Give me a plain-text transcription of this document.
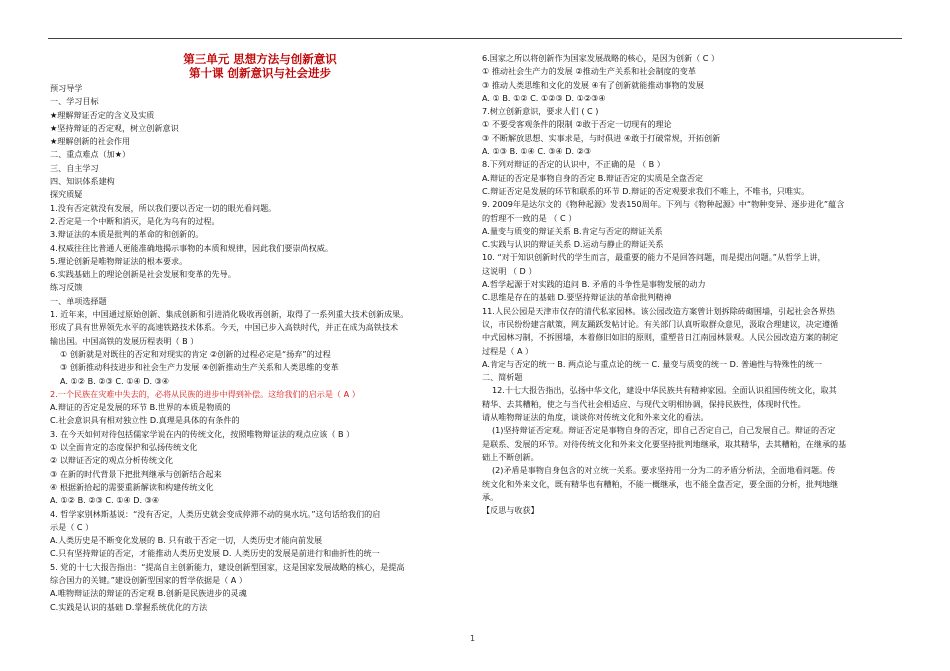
第三单元 思想方法与创新意识

第十课 创新意识与社会进步

预习导学

一、学习目标

★理解辩证否定的含义及实质

★坚持辩证的否定观，树立创新意识

★理解创新的社会作用

二、重点难点（加★）

三、自主学习

四、知识体系建构

探究质疑

1.没有否定就没有发展，所以我们要以否定一切的眼光看问题。

2.否定是一个中断和消灭，是化为乌有的过程。

3.辩证法的本质是批判的革命的和创新的。

4.权威往往比普通人更能准确地揭示事物的本质和规律，因此我们要崇尚权威。

5.理论创新是唯物辩证法的根本要求。

6.实践基础上的理论创新是社会发展和变革的先导。

练习反馈

一、单项选择题

1. 近年来，中国通过原始创新、集成创新和引进消化吸收再创新，取得了一系列重大技术创新成果。

形成了具有世界领先水平的高速铁路技术体系。今天，中国已步入高铁时代，并正在成为高铁技术

输出国。中国高铁的发展历程表明（ B ）

① 创新就是对既往的否定和对现实的肯定 ②创新的过程必定是“扬弃”的过程

③ 创新推动科技进步和社会生产力发展 ④创新推动生产关系和人类思维的变革

A. ①② B. ②③ C. ①④ D. ③④

2.一个民族在灾难中失去的，必将从民族的进步中得到补偿。这给我们的启示是（ A ）

A.辩证的否定是发展的环节 B.世界的本质是物质的

C.社会意识具有相对独立性 D.真理是具体的有条件的

3. 在今天如何对待包括儒家学说在内的传统文化，按照唯物辩证法的观点应该（ B ）

① 以全面肯定的态度保护和弘扬传统文化

② 以辩证否定的观点分析传统文化

③ 在新的时代背景下把批判继承与创新结合起来

④ 根据新拾起的需要重新解读和构建传统文化

A. ①② B. ②③ C. ①④ D. ③④

4. 哲学家别林斯基说：“没有否定，人类历史就会变成停滞不动的臭水坑。”这句话给我们的启

示是（ C ）

A.人类历史是不断变化发展的 B. 只有敢于否定一切，人类历史才能向前发展

C.只有坚持辩证的否定，才能推动人类历史发展 D. 人类历史的发展是前进行和曲折性的统一

5. 党的十七大报告指出：“提高自主创新能力，建设创新型国家，这是国家发展战略的核心，是提高

综合国力的关键。”建设创新型国家的哲学依据是（ A ）

A.唯物辩证法的辩证的否定观 B.创新是民族进步的灵魂

C.实践是认识的基础 D.掌握系统优化的方法

6.国家之所以将创新作为国家发展战略的核心，是因为创新（ C ）

① 推动社会生产力的发展 ②推动生产关系和社会制度的变革

③ 推动人类思维和文化的发展 ④有了创新就能推动事物的发展

A. ① B. ①② C. ①②③ D. ①②③④

7.树立创新意识，要求人们 ( C )

① 不要受客观条件的限制 ②敢于否定一切现有的理论

③ 不断解放思想、实事求是，与时俱进 ④敢于打破常规，开拓创新

A. ①③ B. ①④ C. ③④ D. ②③

8.下列对辩证的否定的认识中，不正确的是 （ B ）

A.辩证的否定是事物自身的否定 B.辩证否定的实质是全盘否定

C.辩证否定是发展的环节和联系的环节 D.辩证的否定观要求我们不唯上，不唯书，只唯实。

9. 2009年是达尔文的《物种起源》发表150周年。下列与《物种起源》中“物种变异、逐步进化”蕴含

的哲理不一致的是 （ C ）

A.量变与质变的辩证关系 B.肯定与否定的辩证关系

C.实践与认识的辩证关系 D.运动与静止的辩证关系

10. “对于知识创新时代的学生而言，最重要的能力不是回答问题，而是提出问题。”从哲学上讲，

这说明 （ D ）

A.哲学起源于对实践的追问 B. 矛盾的斗争性是事物发展的动力

C.思维是存在的基础 D.要坚持辩证法的革命批判精神

11.人民公园是天津市仅存的清代私家园林。该公园改造方案曾计划拆除砖砌围墙，引起社会各界热

议，市民纷纷建言献策，网友踊跃发帖讨论。有关部门认真听取群众意见，汲取合理建议，决定遵循

中式园林习制，不拆围墙，本着修旧如旧的原则，重塑昔日江南园林景观。人民公园改造方案的制定

过程是（ A ）

A.肯定与否定的统一 B. 两点论与重点论的统一 C. 量变与质变的统一 D. 普遍性与特殊性的统一

二、简析题

12.十七大报告指出，弘扬中华文化，建设中华民族共有精神家园。全面认识祖国传统文化，取其

精华、去其糟粕，使之与当代社会相适应、与现代文明相协调，保持民族性，体现时代性。

请从唯物辩证法的角度，谈谈你对传统文化和外来文化的看法。

(1)坚持辩证否定观。辩证否定是事物自身的否定，即自己否定自己，自己发展自己。辩证的否定

是联系、发展的环节。对待传统文化和外来文化要坚持批判地继承，取其精华，去其糟粕，在继承的基

础上不断创新。

(2)矛盾是事物自身包含的对立统一关系。要求坚持用一分为二的矛盾分析法，全面地看问题。传

统文化和外来文化，既有精华也有糟粕，不能一概继承，也不能全盘否定，要全面的分析，批判地继

承。

【反思与收获】

1
